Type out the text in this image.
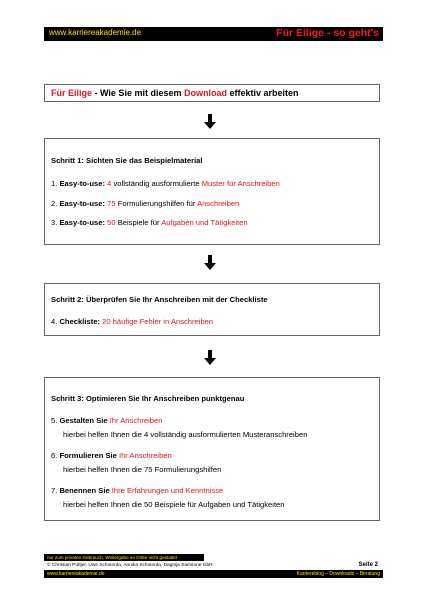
www.karriereakademie.de	Für Eilige - so geht's
Für Eilige - Wie Sie mit diesem Download effektiv arbeiten
Schritt 1: Sichten Sie das Beispielmaterial
1. Easy-to-use: 4 vollständig ausformulierte Muster für Anschreiben
2. Easy-to-use: 75 Formulierungshilfen für Anschreiben
3. Easy-to-use: 50 Beispiele für Aufgaben und Tätigkeiten
Schritt 2: Überprüfen Sie Ihr Anschreiben mit der Checkliste
4. Checkliste: 20 häufige Fehler in Anschreiben
Schritt 3: Optimieren Sie Ihr Anschreiben punktgenau
5. Gestalten Sie Ihr Anschreiben
hierbei helfen Ihnen die 4 vollständig ausformulierten Musteranschreiben
6. Formulieren Sie Ihr Anschreiben
hierbei helfen Ihnen die 75 Formulierungshilfen
7. Benennen Sie Ihre Erfahrungen und Kenntnisse
hierbei helfen Ihnen die 50 Beispiele für Aufgaben und Tätigkeiten
nur zum privaten Gebrauch, Weitergabe an Dritte nicht gestattet
© Christian Püttjer, Uwe Schnierda, Annika Schnierda, Dagnija Samsone GbR	Seite 2
www.karriereakademie.de	Karriereblog – Downloads – Beratung
